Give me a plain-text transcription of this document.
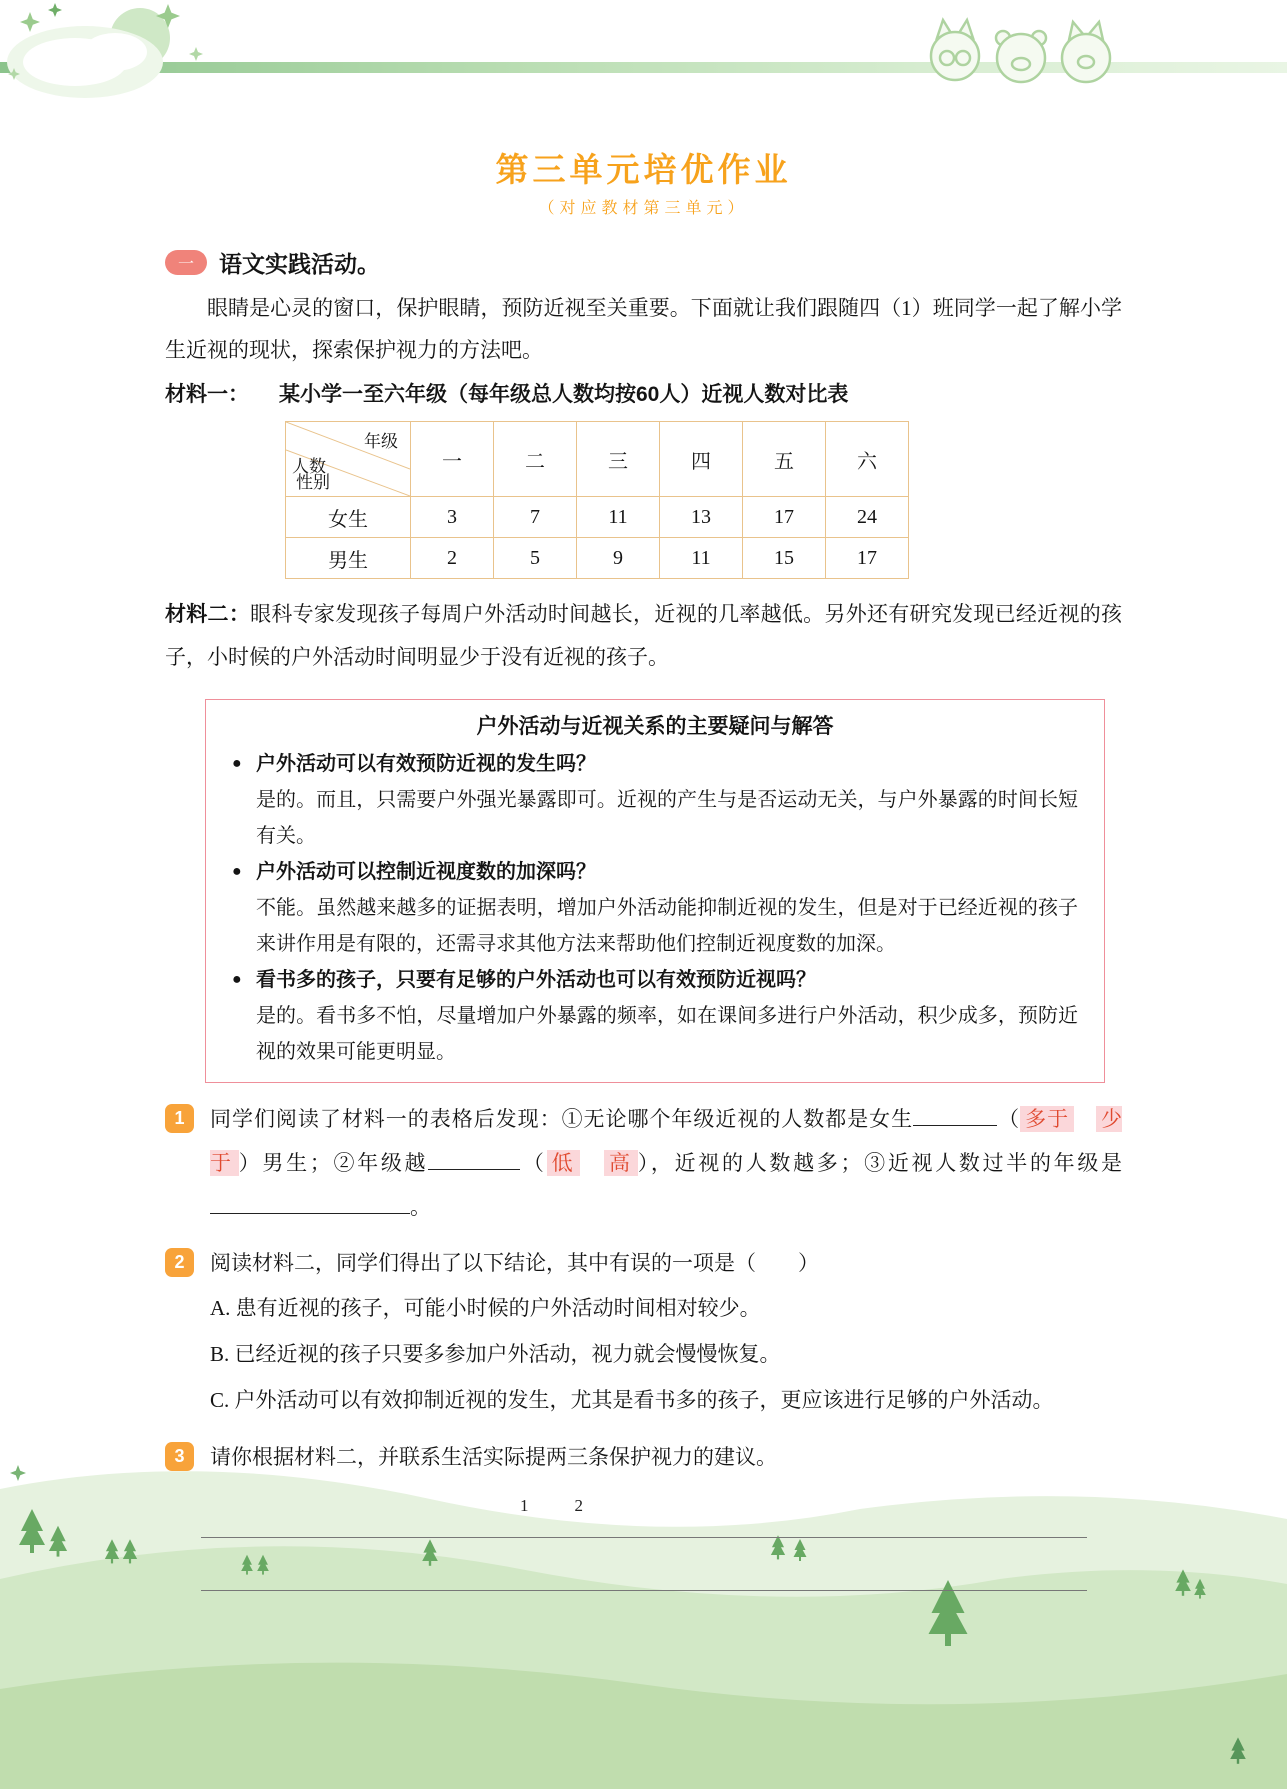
第三单元培优作业
（对应教材第三单元）
一	语文实践活动。

眼睛是心灵的窗口，保护眼睛，预防近视至关重要。下面就让我们跟随四（1）班同学一起了解小学生近视的现状，探索保护视力的方法吧。

材料一： 某小学一至六年级（每年级总人数均按60人）近视人数对比表
年级
人数
性别	一	二	三	四	五	六
女生	3	7	11	13	17	24
男生	2	5	9	11	15	17

材料二：眼科专家发现孩子每周户外活动时间越长，近视的几率越低。另外还有研究发现已经近视的孩子，小时候的户外活动时间明显少于没有近视的孩子。

户外活动与近视关系的主要疑问与解答
● 户外活动可以有效预防近视的发生吗？
是的。而且，只需要户外强光暴露即可。近视的产生与是否运动无关，与户外暴露的时间长短有关。
● 户外活动可以控制近视度数的加深吗？
不能。虽然越来越多的证据表明，增加户外活动能抑制近视的发生，但是对于已经近视的孩子来讲作用是有限的，还需寻求其他方法来帮助他们控制近视度数的加深。
● 看书多的孩子，只要有足够的户外活动也可以有效预防近视吗？
是的。看书多不怕，尽量增加户外暴露的频率，如在课间多进行户外活动，积少成多，预防近视的效果可能更明显。
1	同学们阅读了材料一的表格后发现：①无论哪个年级近视的人数都是女生	（ 多于　 少于 ）男生；②年级越	（ 低　 高 ），近视的人数越多；③近视人数过半的年级是。
2	阅读材料二，同学们得出了以下结论，其中有误的一项是（　　）
A. 患有近视的孩子，可能小时候的户外活动时间相对较少。
B. 已经近视的孩子只要多参加户外活动，视力就会慢慢恢复。
C. 户外活动可以有效抑制近视的发生，尤其是看书多的孩子，更应该进行足够的户外活动。
3	请你根据材料二，并联系生活实际提两三条保护视力的建议。
1	2
